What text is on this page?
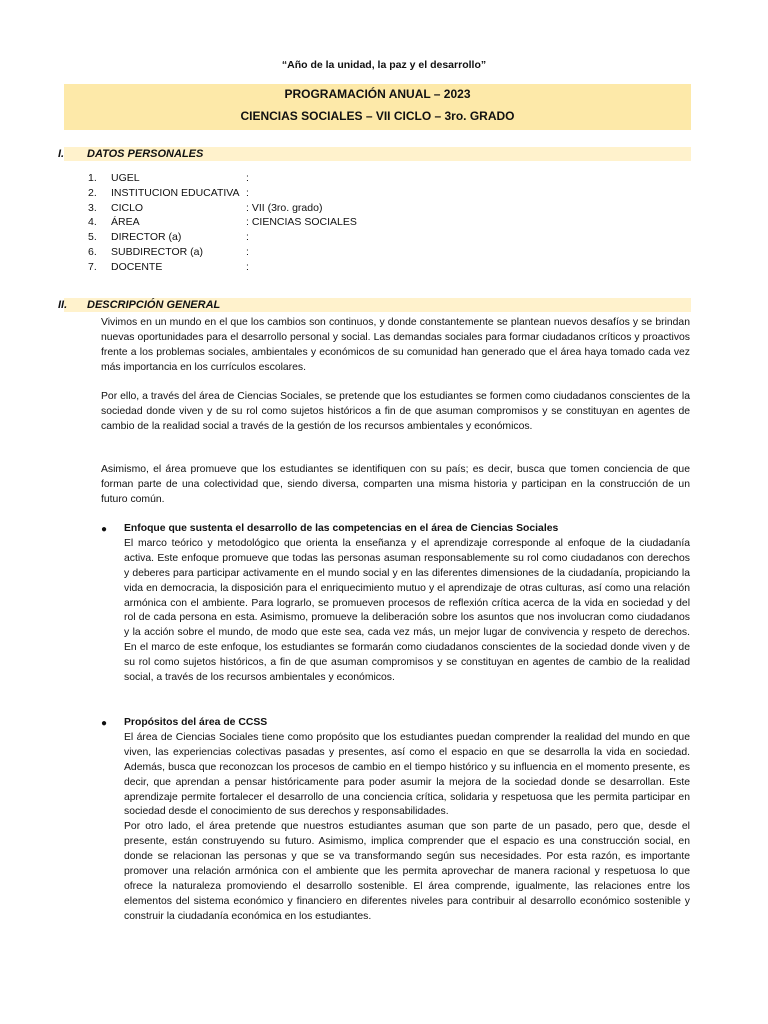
“Año de la unidad, la paz y el desarrollo”
PROGRAMACIÓN ANUAL – 2023
CIENCIAS SOCIALES – VII CICLO – 3ro. GRADO
I. DATOS PERSONALES
1. UGEL	:
2. INSTITUCION EDUCATIVA :
3. CICLO	: VII (3ro. grado)
4. ÁREA	: CIENCIAS SOCIALES
5. DIRECTOR (a)	:
6. SUBDIRECTOR (a)	:
7. DOCENTE	:
II. DESCRIPCIÓN GENERAL
Vivimos en un mundo en el que los cambios son continuos, y donde constantemente se plantean nuevos desafíos y se brindan nuevas oportunidades para el desarrollo personal y social. Las demandas sociales para formar ciudadanos críticos y proactivos frente a los problemas sociales, ambientales y económicos de su comunidad han generado que el área haya tomado cada vez más importancia en los currículos escolares.
Por ello, a través del área de Ciencias Sociales, se pretende que los estudiantes se formen como ciudadanos conscientes de la sociedad donde viven y de su rol como sujetos históricos a fin de que asuman compromisos y se constituyan en agentes de cambio de la realidad social a través de la gestión de los recursos ambientales y económicos.
Asimismo, el área promueve que los estudiantes se identifiquen con su país; es decir, busca que tomen conciencia de que forman parte de una colectividad que, siendo diversa, comparten una misma historia y participan en la construcción de un futuro común.
● Enfoque que sustenta el desarrollo de las competencias en el área de Ciencias Sociales
El marco teórico y metodológico que orienta la enseñanza y el aprendizaje corresponde al enfoque de la ciudadanía activa. Este enfoque promueve que todas las personas asuman responsablemente su rol como ciudadanos con derechos y deberes para participar activamente en el mundo social y en las diferentes dimensiones de la ciudadanía, propiciando la vida en democracia, la disposición para el enriquecimiento mutuo y el aprendizaje de otras culturas, así como una relación armónica con el ambiente. Para lograrlo, se promueven procesos de reflexión crítica acerca de la vida en sociedad y del rol de cada persona en esta. Asimismo, promueve la deliberación sobre los asuntos que nos involucran como ciudadanos y la acción sobre el mundo, de modo que este sea, cada vez más, un mejor lugar de convivencia y respeto de derechos. En el marco de este enfoque, los estudiantes se formarán como ciudadanos conscientes de la sociedad donde viven y de su rol como sujetos históricos, a fin de que asuman compromisos y se constituyan en agentes de cambio de la realidad social, a través de los recursos ambientales y económicos.
● Propósitos del área de CCSS
El área de Ciencias Sociales tiene como propósito que los estudiantes puedan comprender la realidad del mundo en que viven, las experiencias colectivas pasadas y presentes, así como el espacio en que se desarrolla la vida en sociedad. Además, busca que reconozcan los procesos de cambio en el tiempo histórico y su influencia en el momento presente, es decir, que aprendan a pensar históricamente para poder asumir la mejora de la sociedad donde se desarrollan. Este aprendizaje permite fortalecer el desarrollo de una conciencia crítica, solidaria y respetuosa que les permita participar en sociedad desde el conocimiento de sus derechos y responsabilidades.
Por otro lado, el área pretende que nuestros estudiantes asuman que son parte de un pasado, pero que, desde el presente, están construyendo su futuro. Asimismo, implica comprender que el espacio es una construcción social, en donde se relacionan las personas y que se va transformando según sus necesidades. Por esta razón, es importante promover una relación armónica con el ambiente que les permita aprovechar de manera racional y respetuosa lo que ofrece la naturaleza promoviendo el desarrollo sostenible. El área comprende, igualmente, las relaciones entre los elementos del sistema económico y financiero en diferentes niveles para contribuir al desarrollo económico sostenible y construir la ciudadanía económica en los estudiantes.
